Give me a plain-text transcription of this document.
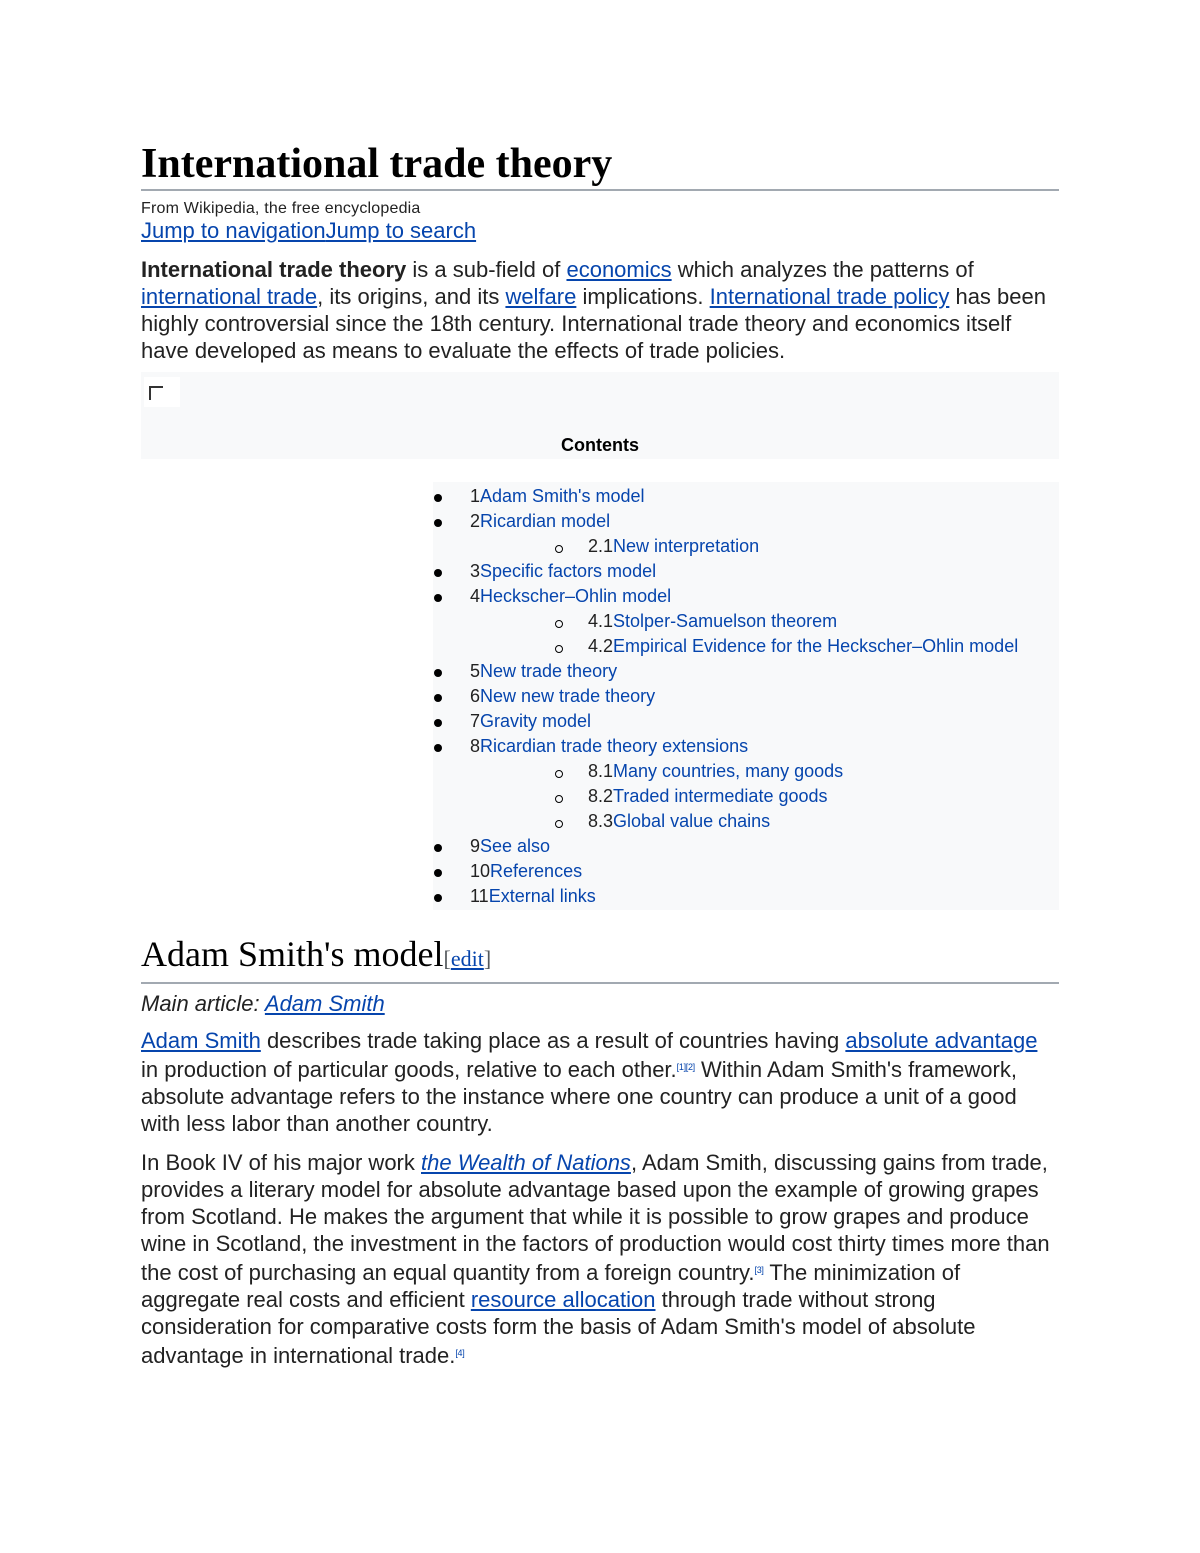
International trade theory
From Wikipedia, the free encyclopedia
Jump to navigationJump to search

International trade theory is a sub-field of economics which analyzes the patterns of international trade, its origins, and its welfare implications. International trade policy has been highly controversial since the 18th century. International trade theory and economics itself have developed as means to evaluate the effects of trade policies.

Contents
1Adam Smith's model
2Ricardian model
2.1New interpretation
3Specific factors model
4Heckscher–Ohlin model
4.1Stolper-Samuelson theorem
4.2Empirical Evidence for the Heckscher–Ohlin model
5New trade theory
6New new trade theory
7Gravity model
8Ricardian trade theory extensions
8.1Many countries, many goods
8.2Traded intermediate goods
8.3Global value chains
9See also
10References
11External links
Adam Smith's model[edit]
Main article: Adam Smith

Adam Smith describes trade taking place as a result of countries having absolute advantage in production of particular goods, relative to each other.[1][2] Within Adam Smith's framework, absolute advantage refers to the instance where one country can produce a unit of a good with less labor than another country.

In Book IV of his major work the Wealth of Nations, Adam Smith, discussing gains from trade, provides a literary model for absolute advantage based upon the example of growing grapes from Scotland. He makes the argument that while it is possible to grow grapes and produce wine in Scotland, the investment in the factors of production would cost thirty times more than the cost of purchasing an equal quantity from a foreign country.[3] The minimization of aggregate real costs and efficient resource allocation through trade without strong consideration for comparative costs form the basis of Adam Smith's model of absolute advantage in international trade.[4]
